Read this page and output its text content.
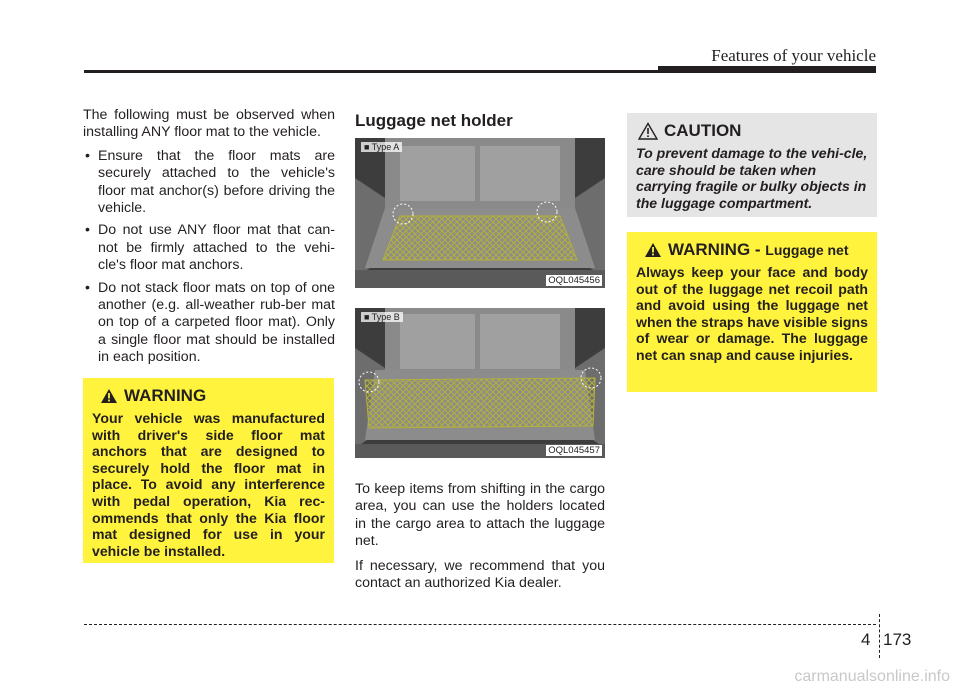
Features of your vehicle

The following must be observed when installing ANY floor mat to the vehicle.

• Ensure that the floor mats are securely attached to the vehicle's floor mat anchor(s) before driving the vehicle.
• Do not use ANY floor mat that can-not be firmly attached to the vehi-cle's floor mat anchors.
• Do not stack floor mats on top of one another (e.g. all-weather rub-ber mat on top of a carpeted floor mat). Only a single floor mat should be installed in each position.
WARNING
Your vehicle was manufactured with driver's side floor mat anchors that are designed to securely hold the floor mat in place. To avoid any interference with pedal operation, Kia rec-ommends that only the Kia floor mat designed for use in your vehicle be installed.
Luggage net holder
■ Type A
OQL045456
■ Type B
OQL045457

To keep items from shifting in the cargo area, you can use the holders located in the cargo area to attach the luggage net.

If necessary, we recommend that you contact an authorized Kia dealer.

CAUTION
To prevent damage to the vehi-cle, care should be taken when carrying fragile or bulky objects in the luggage compartment.
WARNING - Luggage net
Always keep your face and body out of the luggage net recoil path and avoid using the luggage net when the straps have visible signs of wear or damage. The luggage net can snap and cause injuries.
4 173
carmanualsonline.info
